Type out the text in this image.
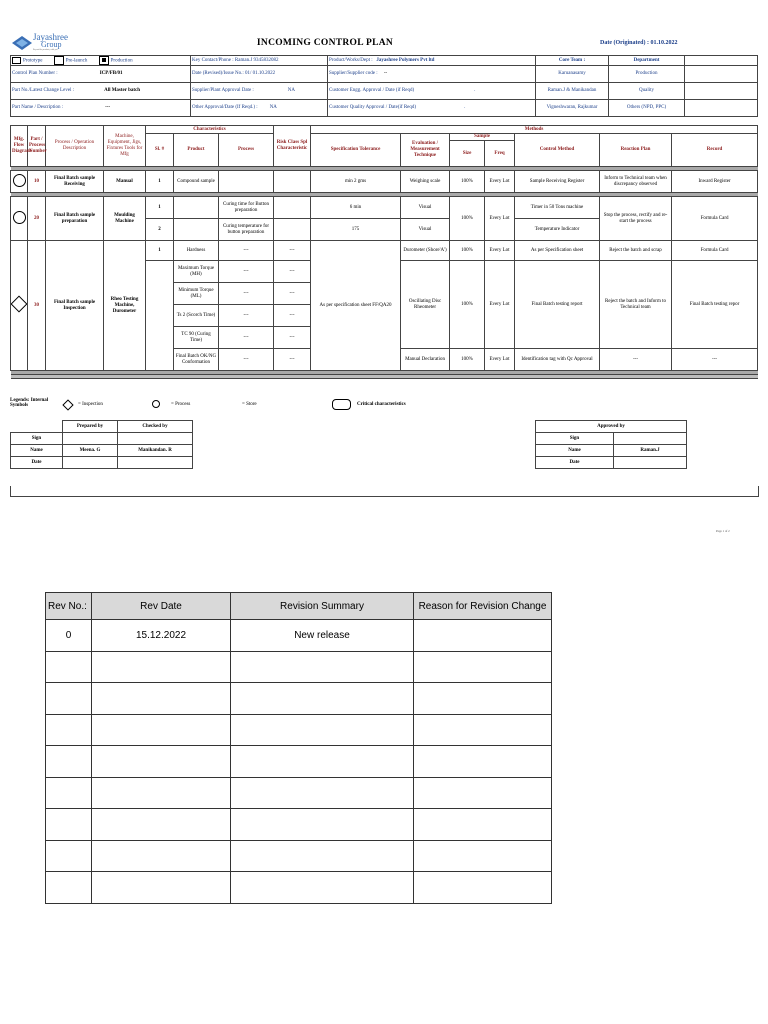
Jayashree
Group
Beyond the products, with you
INCOMING CONTROL PLAN	Date (Originated) : 01.10.2022
Prototype Pre-launch Production	Key Contact/Phone : Raman.J 9345832082	Product/Works/Dept : Jayashree Polymers Pvt ltd	Core Team :	Department	
Control Plan Number : ICP/FB/01	Date (Revised)/Issue No.: 01/ 01.10.2022	Supplier/Supplier code : --	Karuanasamy	Production	
Part No./Latest Change Level : All Master batch	Supplier/Plant Approval Date : NA	Customer Engg. Approval / Date (if Reqd) .	Raman.J & Manikandan	Quality	
Part Name / Description : ---	Other Approval/Date (If Reqd.) : NA	Customer Quality Approval / Date(if Reqd) .	Vigneshwaran, Rajkumar	Others (NPD, PPC)	
Mfg. Flow Diagram	Part / Process Number	Process / Operation Description	Machine, Equipment, Jigs, Fixtures Tools for Mfg	Characteristics			Risk Class Spl Characteristic	Methods						
				Sl. #	Product	Process		Specification Tolerance	Evaluation / Measurement Technique	Sample		Control Method	Reaction Plan	Record
										Size	Freq			

	10	Final Batch sample Receiving	Manual	1	Compound sample			min 2 gms	Weighing scale	100%	Every Lot	Sample Receiving Register	Inform to Technical team when discrepancy observed	Inward Register

	20	Final Batch sample preparation	Moulding Machine	1		Curing time for Button preparation		6 min	Visual	100%	Every Lot	Timer in 50 Tons machine	Stop the process, rectify and re-start the process	Formula Card
				2		Curing temperature for button preparation		175	Visual			Temperature Indicator		
	30	Final Batch sample Inspection	Rheo Testing Machine, Durometer	1	Hardness	---	---	As per specification sheet FF/QA20	Durometer (Shore'A')	100%	Every Lot	As per Specification sheet	Reject the batch and scrap	Formula Card
					Maximum Torque (MH)	---	---		Oscillating Disc Rheometer	100%	Every Lot	Final Batch testing report	Reject the batch and Inform to Technical team	Final Batch testing repor
					Minimum Torque (ML)	---	---							
					Ts 2 (Scorch Time)	---	---							
					TC 90 (Curing Time)	---	---							
					Final Batch OK/NG Conformation	---	---		Manual Declaration	100%	Every Lot	Identification tag with Qc Approval	---	---

Legends: Internal Symbols	= Inspection	= Process	= Store	Critical characteristics
	Prepared by	Checked by
Sign		
Name	Meena. G	Manikandan. R
Date		
Approved by	
Sign	
Name	Raman.J
Date	
Page 1 of 2
Rev No.:	Rev Date	Revision Summary	Reason for Revision Change
0	15.12.2022	New release	
